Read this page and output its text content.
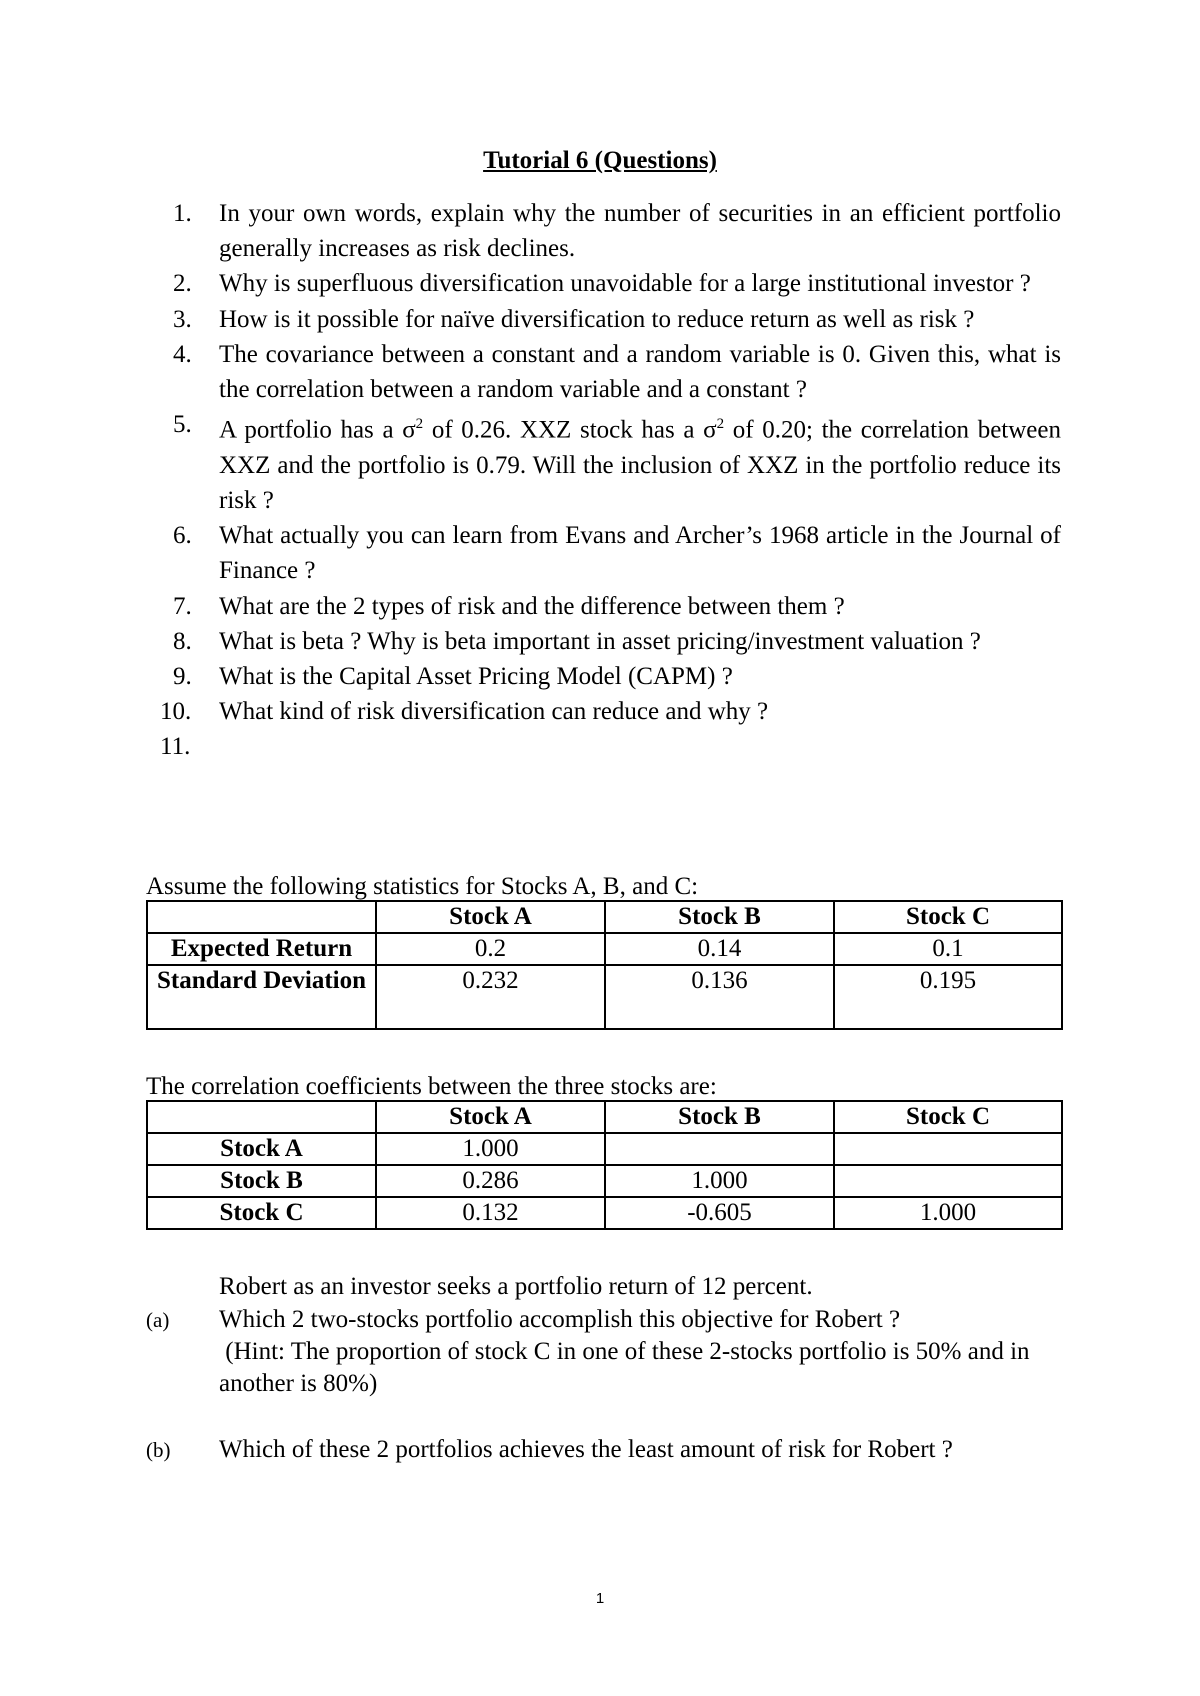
Tutorial 6 (Questions)
1. In your own words, explain why the number of securities in an efficient portfolio generally increases as risk declines.
2. Why is superfluous diversification unavoidable for a large institutional investor ?
3. How is it possible for naïve diversification to reduce return as well as risk ?
4. The covariance between a constant and a random variable is 0. Given this, what is the correlation between a random variable and a constant ?
5. A portfolio has a $\sigma^2$ of 0.26. XXZ stock has a $\sigma^2$ of 0.20; the correlation between XXZ and the portfolio is 0.79. Will the inclusion of XXZ in the portfolio reduce its risk ?
6. What actually you can learn from Evans and Archer’s 1968 article in the Journal of Finance ?
7. What are the 2 types of risk and the difference between them ?
8. What is beta ? Why is beta important in asset pricing/investment valuation ?
9. What is the Capital Asset Pricing Model (CAPM) ?
10. What kind of risk diversification can reduce and why ?
11.

Assume the following statistics for Stocks A, B, and C:
	Stock A	Stock B	Stock C
Expected Return	0.2	0.14	0.1
Standard Deviation	0.232	0.136	0.195
The correlation coefficients between the three stocks are:
	Stock A	Stock B	Stock C
Stock A	1.000		
Stock B	0.286	1.000	
Stock C	0.132	-0.605	1.000
Robert as an investor seeks a portfolio return of 12 percent.
(a) Which 2 two-stocks portfolio accomplish this objective for Robert ?
(Hint: The proportion of stock C in one of these 2-stocks portfolio is 50% and in another is 80%)
(b) Which of these 2 portfolios achieves the least amount of risk for Robert ?
1
